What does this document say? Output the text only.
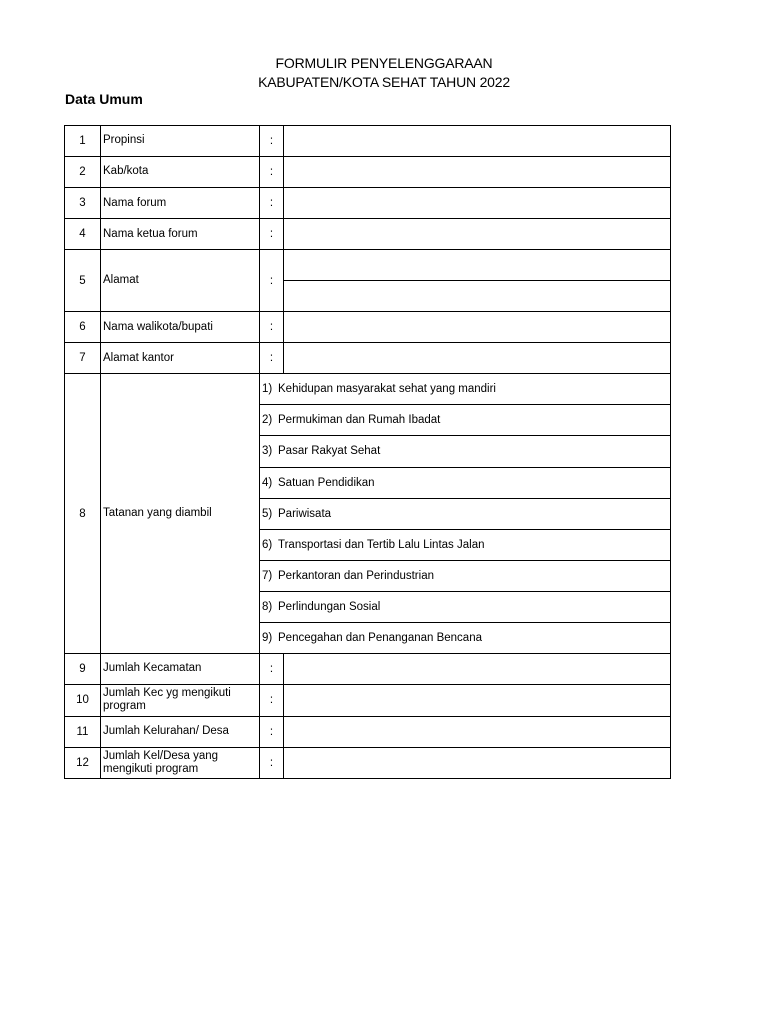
FORMULIR PENYELENGGARAAN
KABUPATEN/KOTA SEHAT TAHUN 2022
Data Umum
1	Propinsi	:	
2	Kab/kota	:	
3	Nama forum	:	
4	Nama ketua forum	:	
5	Alamat	:	

6	Nama walikota/bupati	:	
7	Alamat kantor	:	
8	Tatanan yang diambil	1) Kehidupan masyarakat sehat yang mandiri	
		2) Permukiman dan Rumah Ibadat	
		3) Pasar Rakyat Sehat	
		4) Satuan Pendidikan	
		5) Pariwisata	
		6) Transportasi dan Tertib Lalu Lintas Jalan	
		7) Perkantoran dan Perindustrian	
		8) Perlindungan Sosial	
		9) Pencegahan dan Penanganan Bencana	
9	Jumlah Kecamatan	:	
10	Jumlah Kec yg mengikuti program	:	
11	Jumlah Kelurahan/ Desa	:	
12	Jumlah Kel/Desa yang mengikuti program	:	
